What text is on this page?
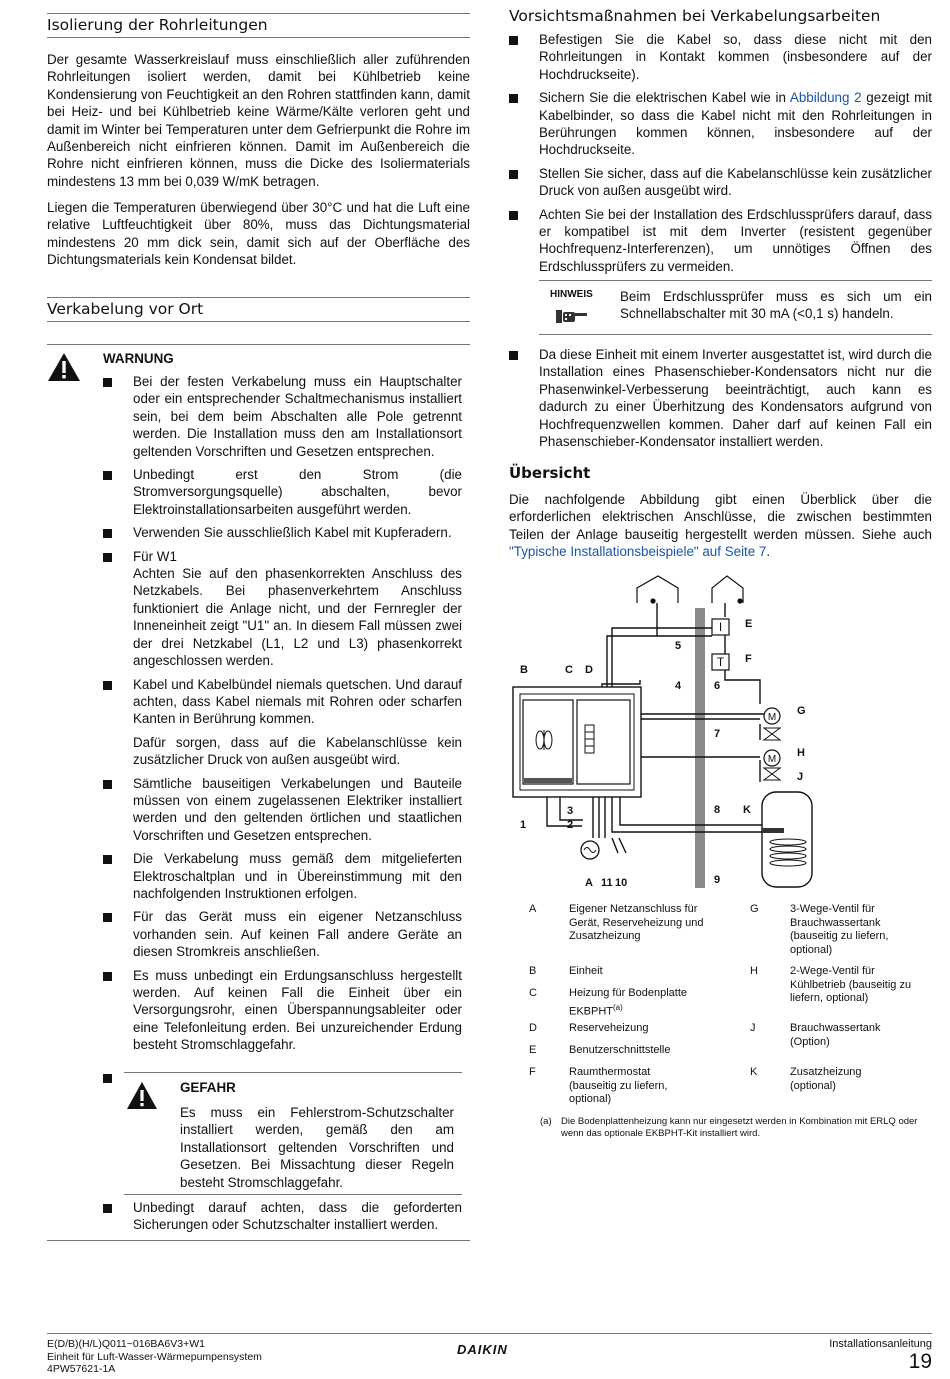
Isolierung der Rohrleitungen

Der gesamte Wasserkreislauf muss einschließlich aller zuführenden Rohrleitungen isoliert werden, damit bei Kühlbetrieb keine Kondensierung von Feuchtigkeit an den Rohren stattfinden kann, damit bei Heiz- und bei Kühlbetrieb keine Wärme/Kälte verloren geht und damit im Winter bei Temperaturen unter dem Gefrierpunkt die Rohre im Außenbereich nicht einfrieren können. Damit im Außenbereich die Rohre nicht einfrieren können, muss die Dicke des Isoliermaterials mindestens 13 mm bei 0,039 W/mK betragen.

Liegen die Temperaturen überwiegend über 30°C und hat die Luft eine relative Luftfeuchtigkeit über 80%, muss das Dichtungsmaterial mindestens 20 mm dick sein, damit sich auf der Oberfläche des Dichtungsmaterials kein Kondensat bildet.

Verkabelung vor Ort
WARNUNG

Bei der festen Verkabelung muss ein Hauptschalter oder ein entsprechender Schaltmechanismus installiert sein, bei dem beim Abschalten alle Pole getrennt werden. Die Installation muss den am Installationsort geltenden Vorschriften und Gesetzen entsprechen.

Unbedingt erst den Strom (die Stromversorgungsquelle) abschalten, bevor Elektroinstallationsarbeiten ausgeführt werden.

Verwenden Sie ausschließlich Kabel mit Kupferadern.

Für W1

Achten Sie auf den phasenkorrekten Anschluss des Netzkabels. Bei phasenverkehrtem Anschluss funktioniert die Anlage nicht, und der Fernregler der Inneneinheit zeigt "U1" an. In diesem Fall müssen zwei der drei Netzkabel (L1, L2 und L3) phasenkorrekt angeschlossen werden.

Kabel und Kabelbündel niemals quetschen. Und darauf achten, dass Kabel niemals mit Rohren oder scharfen Kanten in Berührung kommen.

Dafür sorgen, dass auf die Kabelanschlüsse kein zusätzlicher Druck von außen ausgeübt wird.

Sämtliche bauseitigen Verkabelungen und Bauteile müssen von einem zugelassenen Elektriker installiert werden und den geltenden örtlichen und staatlichen Vorschriften und Gesetzen entsprechen.

Die Verkabelung muss gemäß dem mitgelieferten Elektroschaltplan und in Übereinstimmung mit den nachfolgenden Instruktionen erfolgen.

Für das Gerät muss ein eigener Netzanschluss vorhanden sein. Auf keinen Fall andere Geräte an diesen Stromkreis anschließen.

Es muss unbedingt ein Erdungsanschluss hergestellt werden. Auf keinen Fall die Einheit über ein Versorgungsrohr, einen Überspannungsableiter oder eine Telefonleitung erden. Bei unzureichender Erdung besteht Stromschlaggefahr.

GEFAHR

Es muss ein Fehlerstrom-Schutzschalter installiert werden, gemäß den am Installationsort geltenden Vorschriften und Gesetzen. Bei Missachtung dieser Regeln besteht Stromschlaggefahr.

Unbedingt darauf achten, dass die geforderten Sicherungen oder Schutzschalter installiert werden.

Vorsichtsmaßnahmen bei Verkabelungsarbeiten

Befestigen Sie die Kabel so, dass diese nicht mit den Rohrleitungen in Kontakt kommen (insbesondere auf der Hochdruckseite).

Sichern Sie die elektrischen Kabel wie in Abbildung 2 gezeigt mit Kabelbinder, so dass die Kabel nicht mit den Rohrleitungen in Berührungen kommen können, insbesondere auf der Hochdruckseite.

Stellen Sie sicher, dass auf die Kabelanschlüsse kein zusätzlicher Druck von außen ausgeübt wird.

Achten Sie bei der Installation des Erdschlussprüfers darauf, dass er kompatibel ist mit dem Inverter (resistent gegenüber Hochfrequenz-Interferenzen), um unnötiges Öffnen des Erdschlussprüfers zu vermeiden.

HINWEIS Beim Erdschlussprüfer muss es sich um ein Schnellabschalter mit 30 mA (<0,1 s) handeln.

Da diese Einheit mit einem Inverter ausgestattet ist, wird durch die Installation eines Phasenschieber-Kondensators nicht nur die Phasenwinkel-Verbesserung beeinträchtigt, auch kann es dadurch zu einer Überhitzung des Kondensators aufgrund von Hochfrequenzwellen kommen. Daher darf auf keinen Fall ein Phasenschieber-Kondensator installiert werden.

Übersicht

Die nachfolgende Abbildung gibt einen Überblick über die erforderlichen elektrischen Anschlüsse, die zwischen bestimmten Teilen der Anlage bauseitig hergestellt werden müssen. Siehe auch "Typische Installationsbeispiele" auf Seite 7.

I
T
M
M
B	C D
E
F
G
H
J
K
A
1	2
3
4
5
6
7
8
9
11 10
A	Eigener Netzanschluss für Gerät, Reserveheizung und Zusatzheizung
B	Einheit
C	Heizung für Bodenplatte EKBPHT$^{(a)}$
D	Reserveheizung
E	Benutzerschnittstelle
F	Raumthermostat (bauseitig zu liefern, optional)
G	3-Wege-Ventil für Brauchwassertank (bauseitig zu liefern, optional)
H	2-Wege-Ventil für Kühlbetrieb (bauseitig zu liefern, optional)
J	Brauchwassertank (Option)
K	Zusatzheizung (optional)
(a) Die Bodenplattenheizung kann nur eingesetzt werden in Kombination mit ERLQ oder wenn das optionale EKBPHT-Kit installiert wird.
E(D/B)(H/L)Q011~016BA6V3+W1
Einheit für Luft-Wasser-Wärmepumpensystem
4PW57621-1A
DAIKIN	Installationsanleitung
19
